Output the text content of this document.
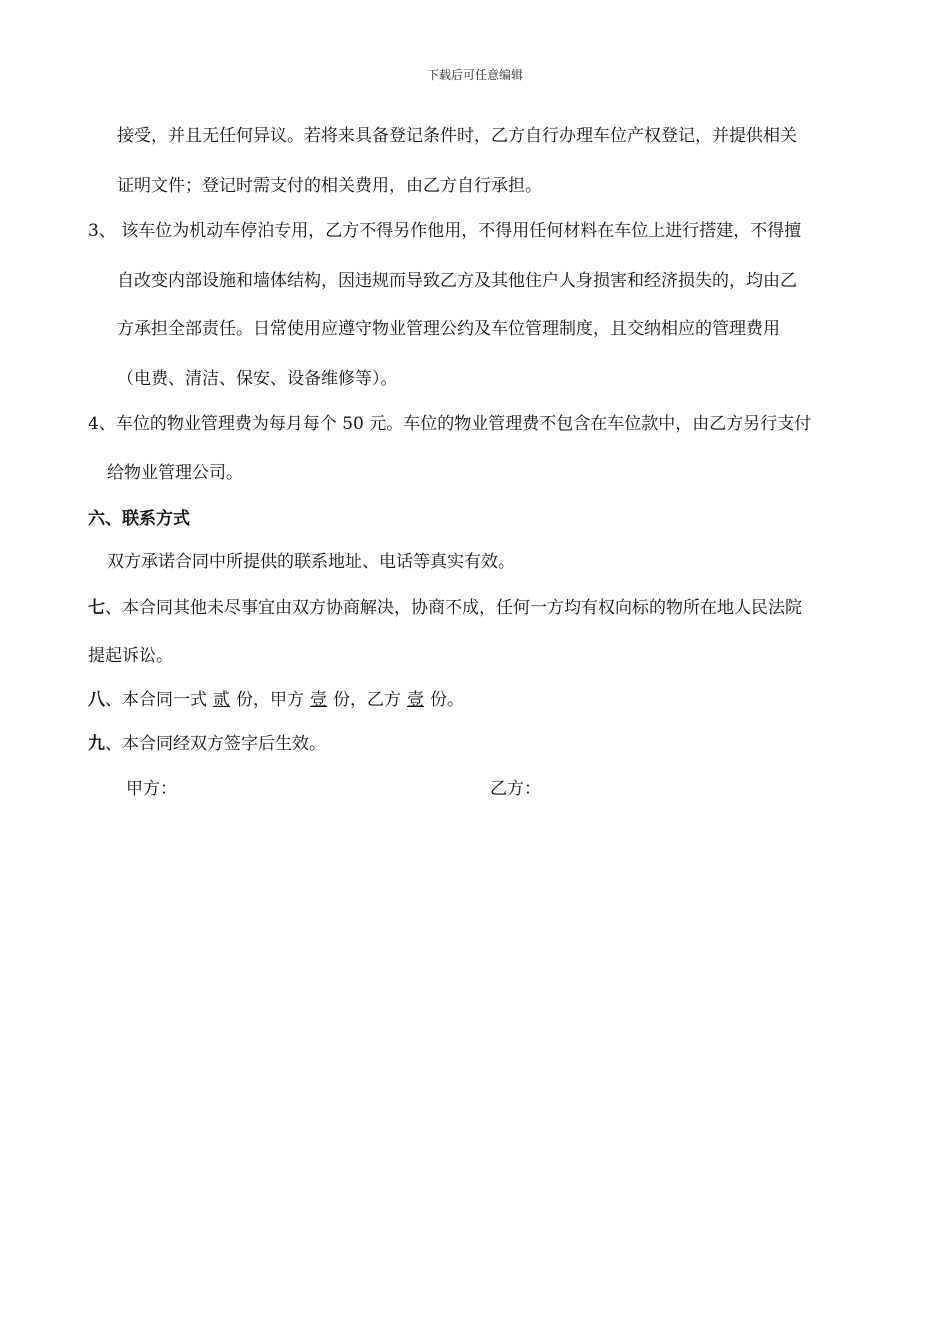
下载后可任意编辑
接受，并且无任何异议。若将来具备登记条件时，乙方自行办理车位产权登记，并提供相关
证明文件；登记时需支付的相关费用，由乙方自行承担。
3、 该车位为机动车停泊专用，乙方不得另作他用，不得用任何材料在车位上进行搭建，不得擅
自改变内部设施和墙体结构，因违规而导致乙方及其他住户人身损害和经济损失的，均由乙
方承担全部责任。日常使用应遵守物业管理公约及车位管理制度，且交纳相应的管理费用
（电费、清洁、保安、设备维修等）。
4、车位的物业管理费为每月每个 50 元。车位的物业管理费不包含在车位款中，由乙方另行支付
给物业管理公司。
六、联系方式
双方承诺合同中所提供的联系地址、电话等真实有效。
七、本合同其他未尽事宜由双方协商解决，协商不成，任何一方均有权向标的物所在地人民法院
提起诉讼。
八、本合同一式 贰 份，甲方 壹 份，乙方 壹 份。
九、本合同经双方签字后生效。
甲方：	乙方：
